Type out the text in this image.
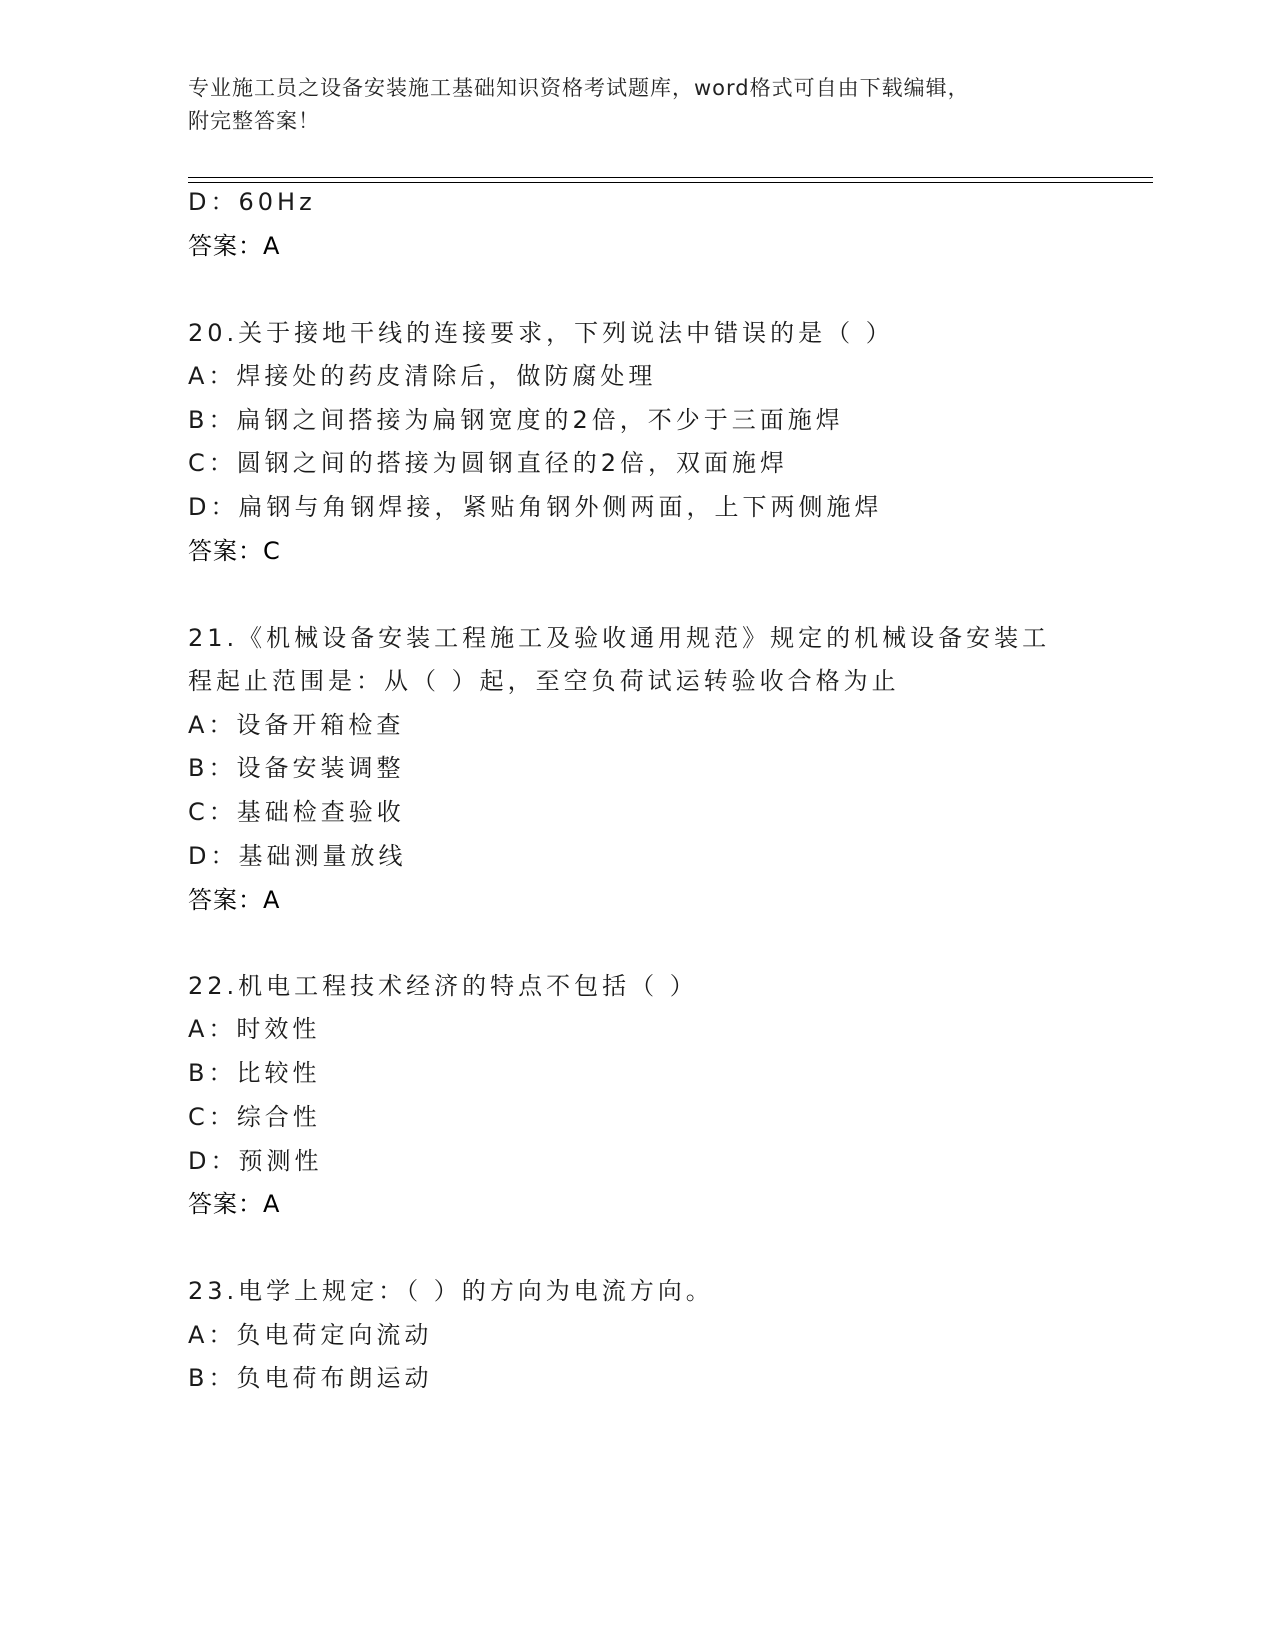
专业施工员之设备安装施工基础知识资格考试题库，word格式可自由下载编辑，
附完整答案！
D：60Hz
答案：A
20.关于接地干线的连接要求，下列说法中错误的是（ ）
A：焊接处的药皮清除后，做防腐处理
B：扁钢之间搭接为扁钢宽度的2倍，不少于三面施焊
C：圆钢之间的搭接为圆钢直径的2倍，双面施焊
D：扁钢与角钢焊接，紧贴角钢外侧两面，上下两侧施焊
答案：C
21.《机械设备安装工程施工及验收通用规范》规定的机械设备安装工
程起止范围是：从（ ）起，至空负荷试运转验收合格为止
A：设备开箱检查
B：设备安装调整
C：基础检查验收
D：基础测量放线
答案：A
22.机电工程技术经济的特点不包括（ ）
A：时效性
B：比较性
C：综合性
D：预测性
答案：A
23.电学上规定：（ ）的方向为电流方向。
A：负电荷定向流动
B：负电荷布朗运动
